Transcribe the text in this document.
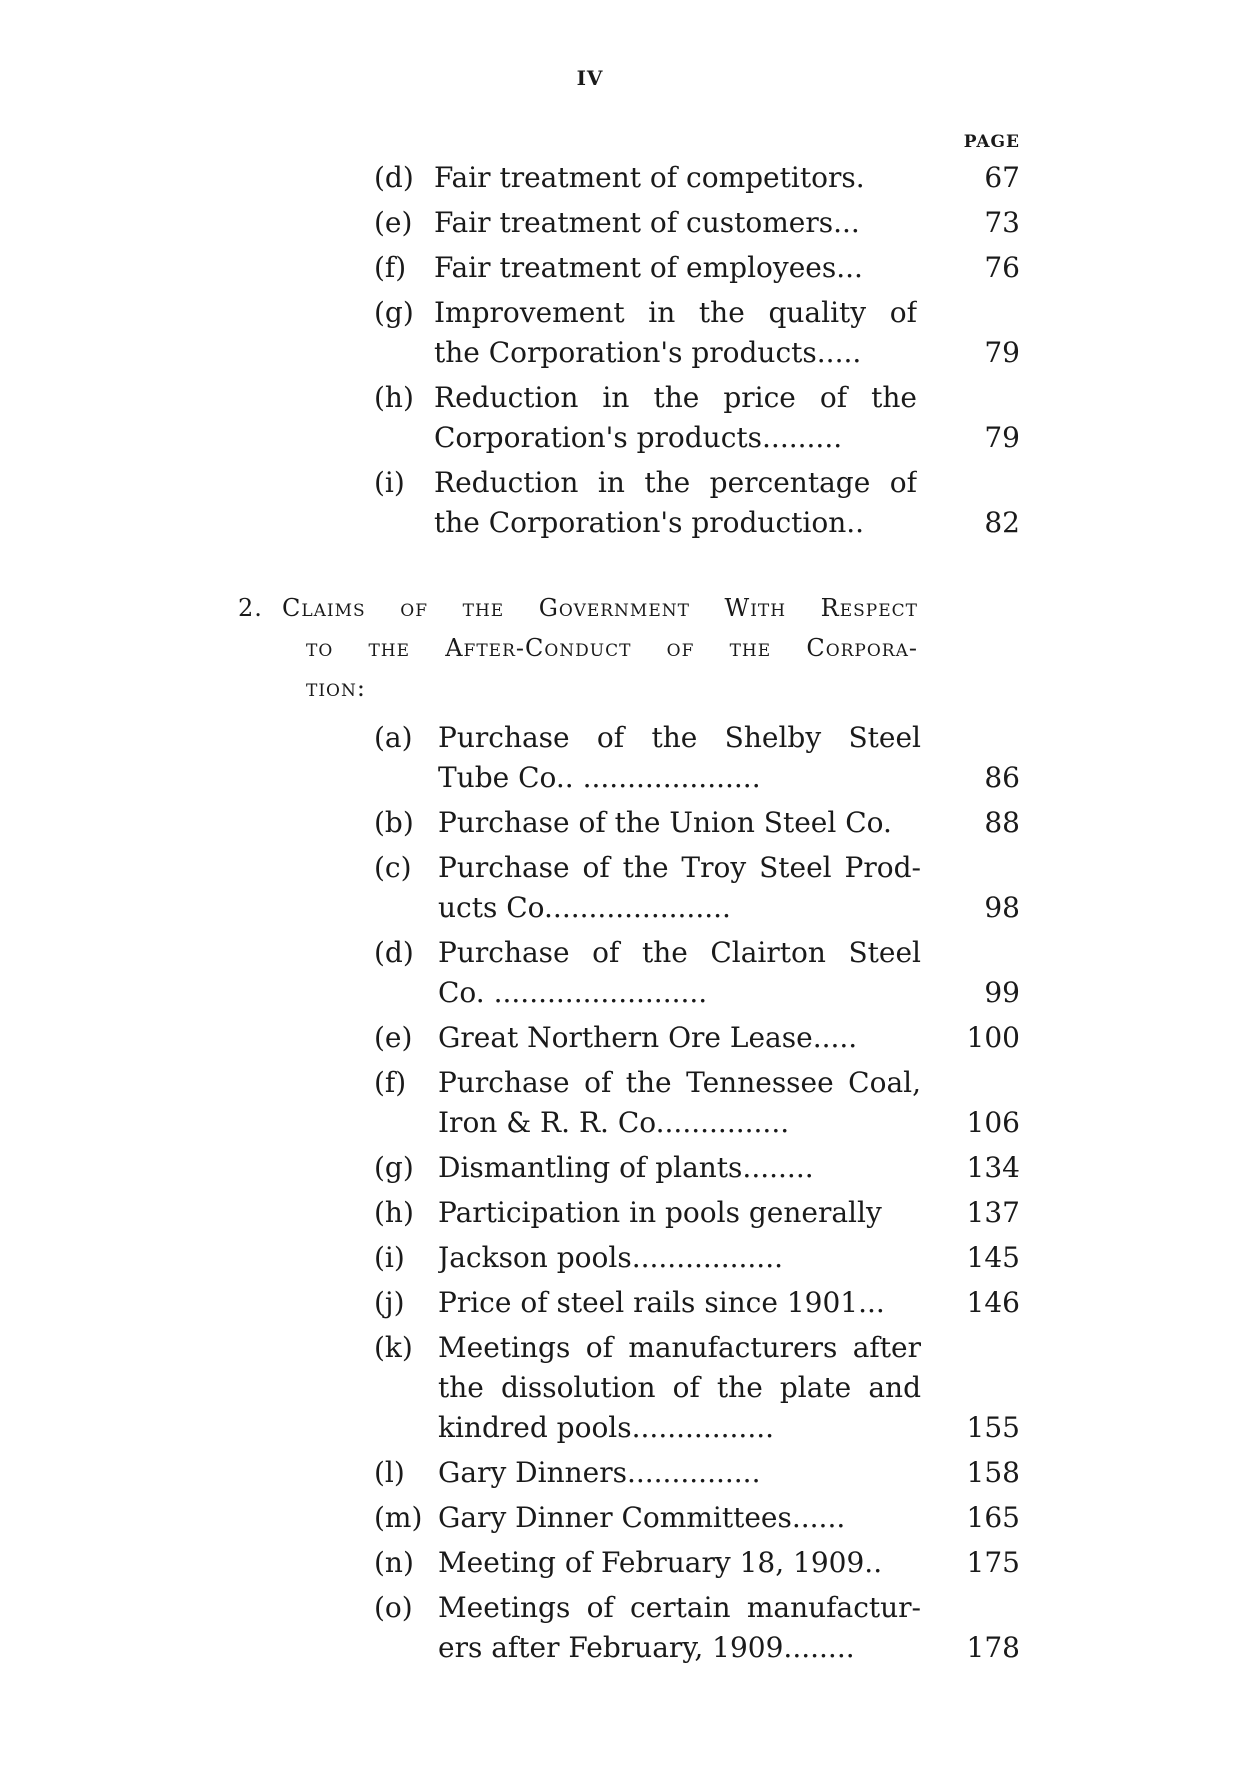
IV
PAGE
(d) Fair treatment of competitors.	67
(e) Fair treatment of customers...	73
(f) Fair treatment of employees...	76
(g) Improvement in the quality of
the Corporation's products.....	79
(h) Reduction in the price of the
Corporation's products.........	79
(i) Reduction in the percentage of
the Corporation's production..	82
2. Claims of the Government With Respect
to the After-Conduct of the Corpora-
tion:
(a) Purchase of the Shelby Steel
Tube Co.. ....................	86
(b) Purchase of the Union Steel Co.	88
(c) Purchase of the Troy Steel Prod-
ucts Co.....................	98
(d) Purchase of the Clairton Steel
Co. ........................	99
(e) Great Northern Ore Lease.....	100
(f) Purchase of the Tennessee Coal,
Iron & R. R. Co...............	106
(g) Dismantling of plants........	134
(h) Participation in pools generally	137
(i) Jackson pools.................	145
(j) Price of steel rails since 1901...	146
(k) Meetings of manufacturers after
the dissolution of the plate and
kindred pools................	155
(l) Gary Dinners...............	158
(m) Gary Dinner Committees......	165
(n) Meeting of February 18, 1909..	175
(o) Meetings of certain manufactur-
ers after February, 1909........	178
